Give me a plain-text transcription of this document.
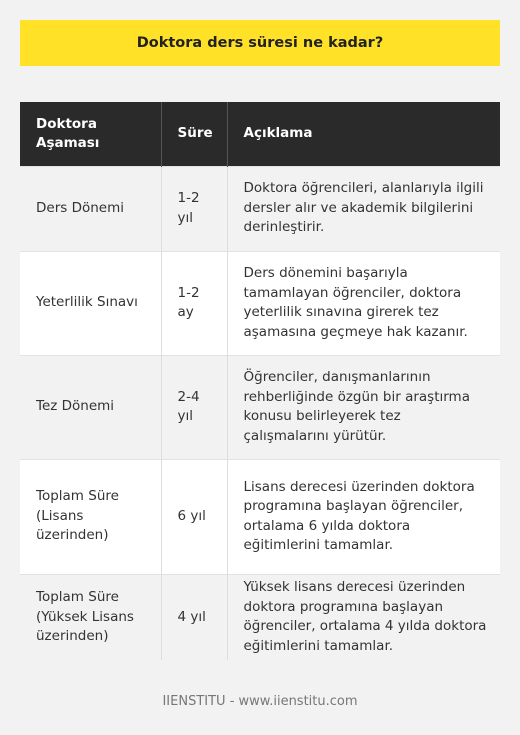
Doktora ders süresi ne kadar?
Doktora Aşaması	Süre	Açıklama
Ders Dönemi	1-2 yıl	Doktora öğrencileri, alanlarıyla ilgili dersler alır ve akademik bilgilerini derinleştirir.
Yeterlilik Sınavı	1-2 ay	Ders dönemini başarıyla tamamlayan öğrenciler, doktora yeterlilik sınavına girerek tez aşamasına geçmeye hak kazanır.
Tez Dönemi	2-4 yıl	Öğrenciler, danışmanlarının rehberliğinde özgün bir araştırma konusu belirleyerek tez çalışmalarını yürütür.
Toplam Süre (Lisans üzerinden)	6 yıl	Lisans derecesi üzerinden doktora programına başlayan öğrenciler, ortalama 6 yılda doktora eğitimlerini tamamlar.
Toplam Süre (Yüksek Lisans üzerinden)	4 yıl	Yüksek lisans derecesi üzerinden doktora programına başlayan öğrenciler, ortalama 4 yılda doktora eğitimlerini tamamlar.
IIENSTITU - www.iienstitu.com
